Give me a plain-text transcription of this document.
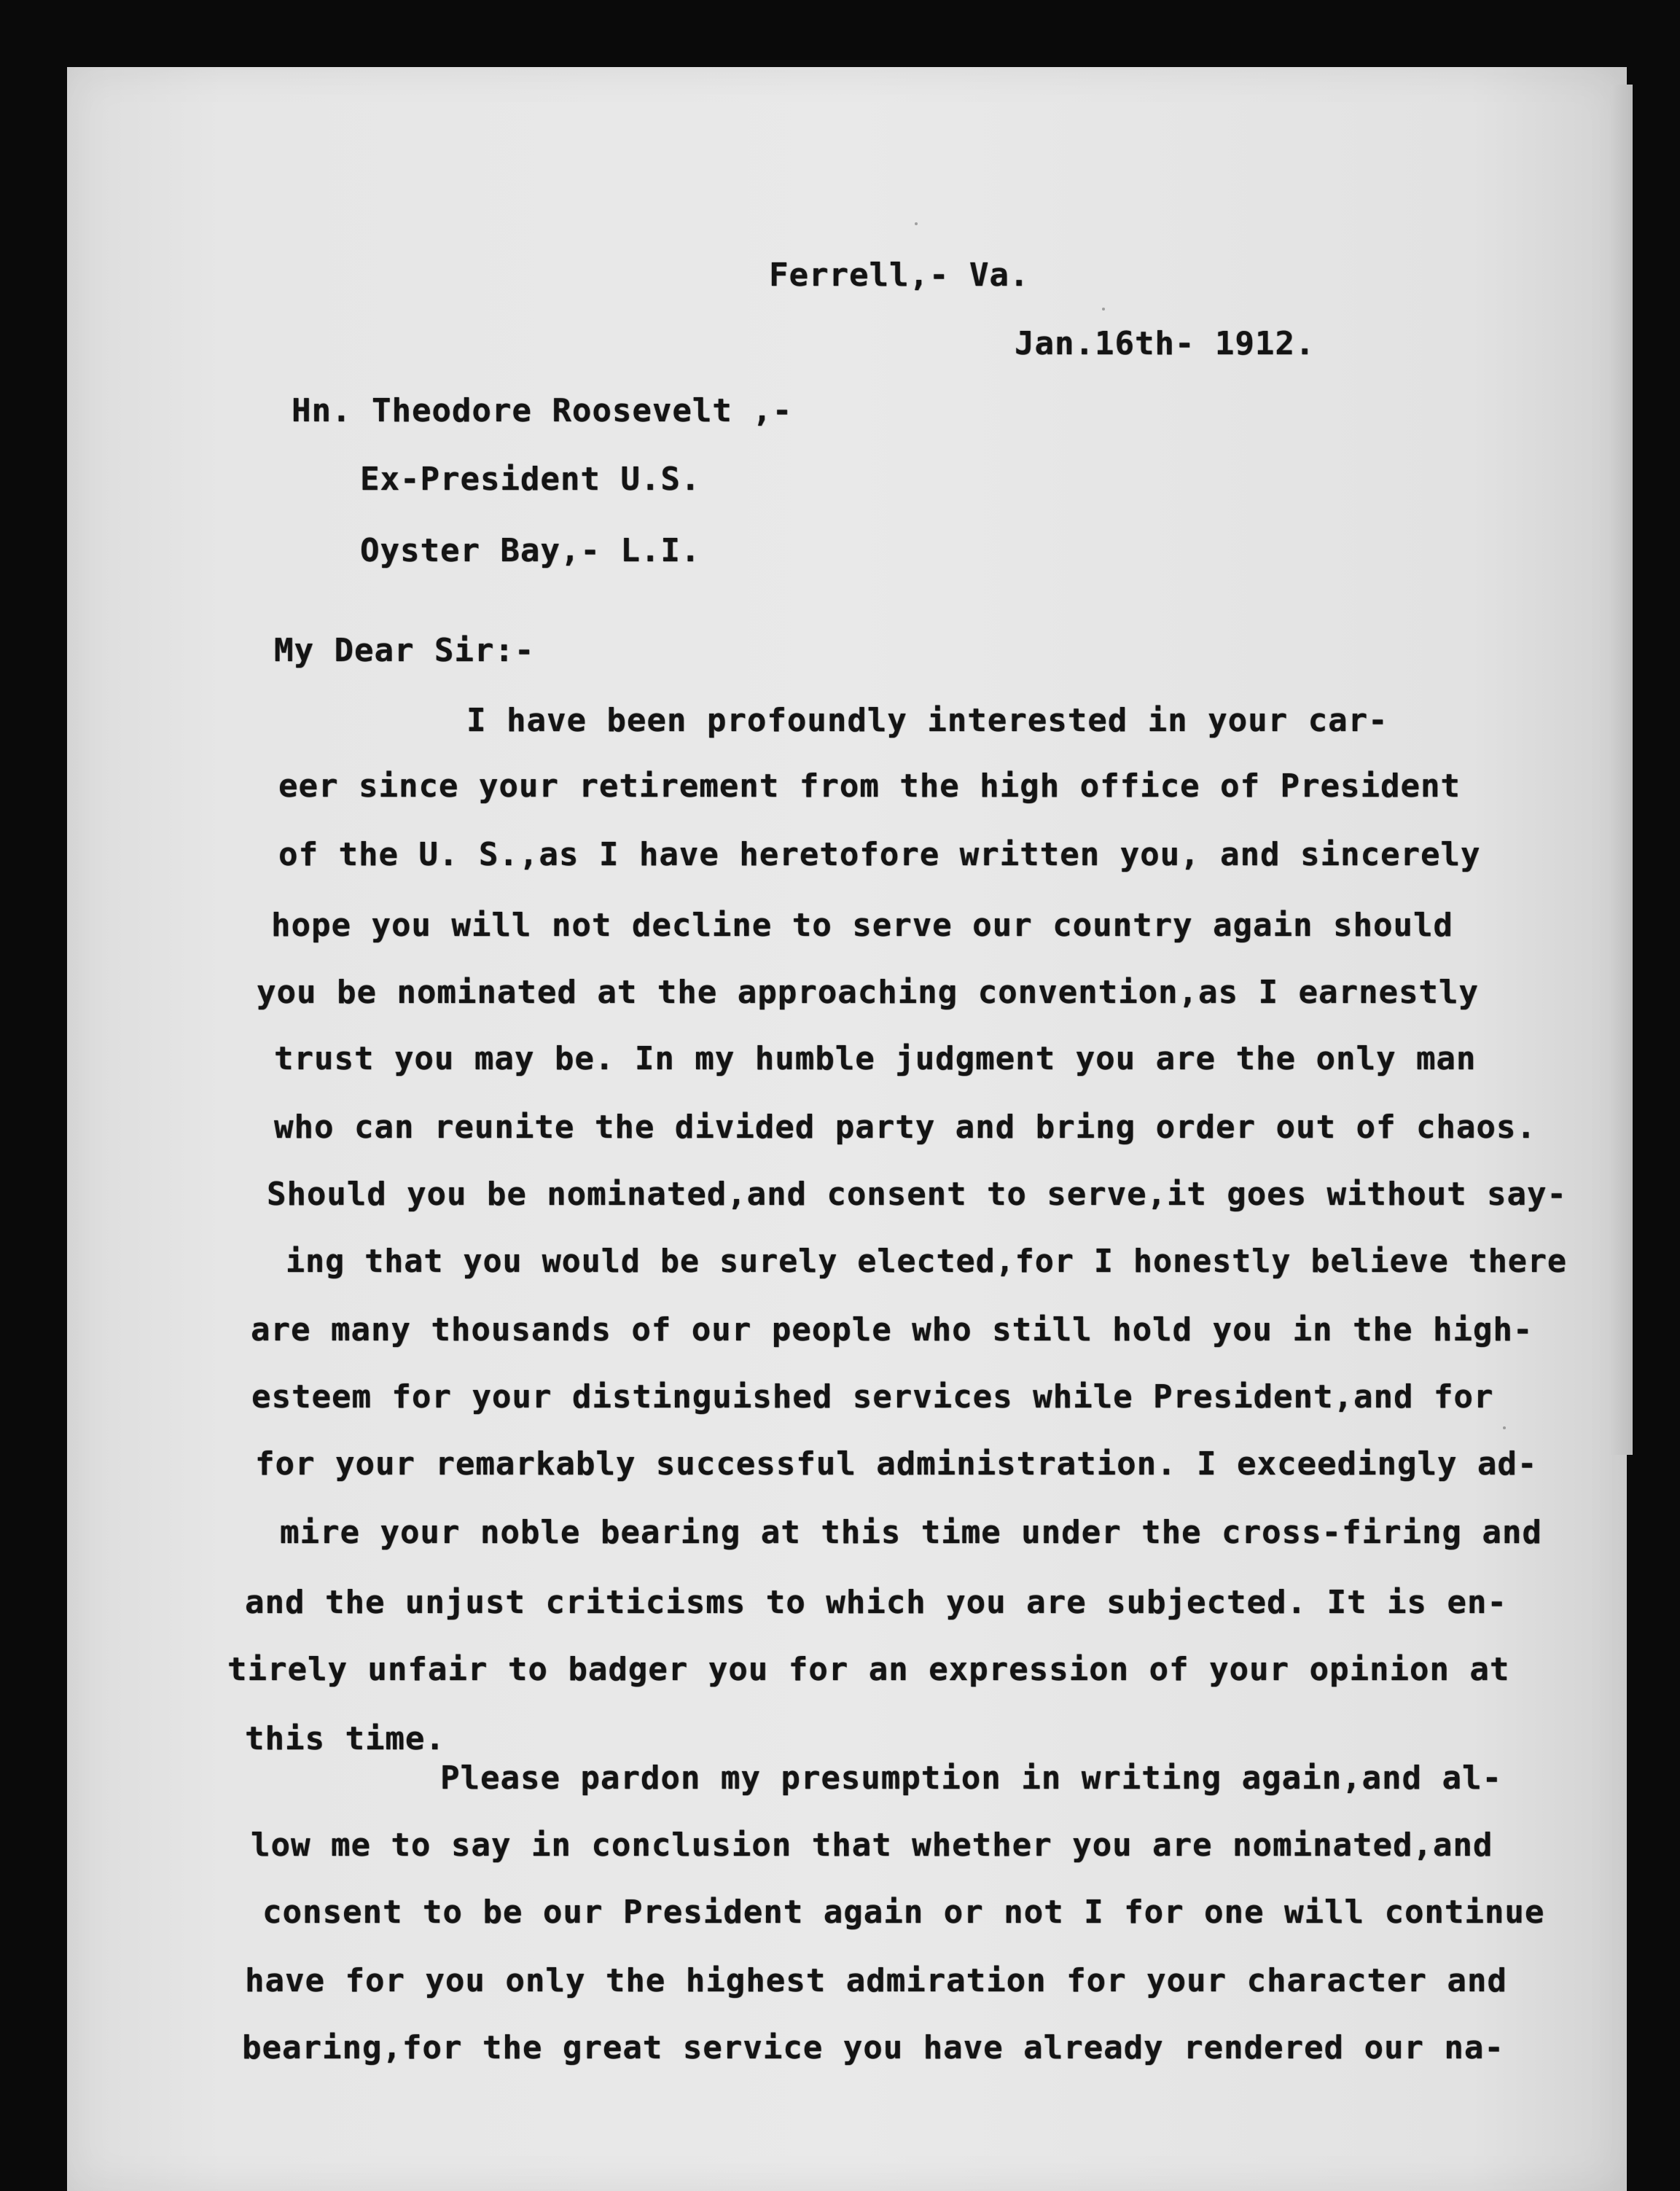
Ferrell,- Va.
Jan.16th- 1912.
Hn. Theodore Roosevelt ,-
Ex-President U.S.
Oyster Bay,- L.I.
My Dear Sir:-
I have been profoundly interested in your car-
eer since your retirement from the high office of President
of the U. S.,as I have heretofore written you, and sincerely
hope you will not decline to serve our country again should
you be nominated at the approaching convention,as I earnestly
trust you may be. In my humble judgment you are the only man
who can reunite the divided party and bring order out of chaos.
Should you be nominated,and consent to serve,it goes without say-
ing that you would be surely elected,for I honestly believe there
are many thousands of our people who still hold you in the high-
esteem for your distinguished services while President,and for
for your remarkably successful administration. I exceedingly ad-
mire your noble bearing at this time under the cross-firing and
and the unjust criticisms to which you are subjected. It is en-
tirely unfair to badger you for an expression of your opinion at
this time.
Please pardon my presumption in writing again,and al-
low me to say in conclusion that whether you are nominated,and
consent to be our President again or not I for one will continue
have for you only the highest admiration for your character and
bearing,for the great service you have already rendered our na-
